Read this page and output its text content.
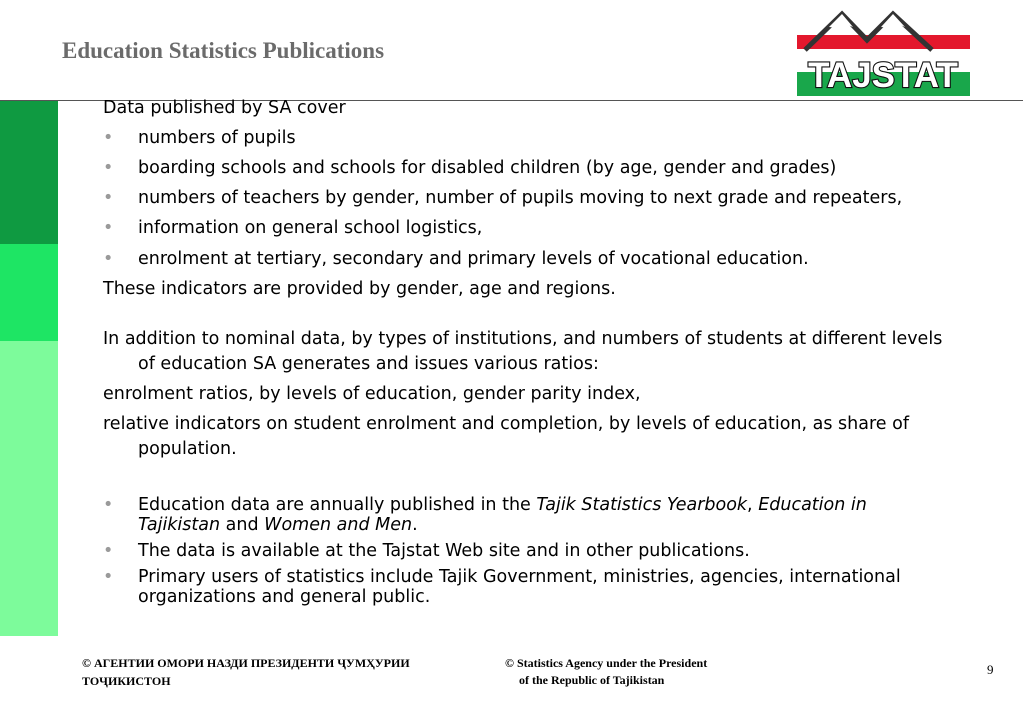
Education Statistics Publications
TAJSTAT
Data published by SA cover
• numbers of pupils
• boarding schools and schools for disabled children (by age, gender and grades)
• numbers of teachers by gender, number of pupils moving to next grade and repeaters,
• information on general school logistics,
• enrolment at tertiary, secondary and primary levels of vocational education.
These indicators are provided by gender, age and regions.
In addition to nominal data, by types of institutions, and numbers of students at different levels
of education SA generates and issues various ratios:
enrolment ratios, by levels of education, gender parity index,
relative indicators on student enrolment and completion, by levels of education, as share of
population.
• Education data are annually published in the Tajik Statistics Yearbook, Education in
Tajikistan and Women and Men.
• The data is available at the Tajstat Web site and in other publications.
• Primary users of statistics include Tajik Government, ministries, agencies, international
organizations and general public.
© АГЕНТИИ ОМОРИ НАЗДИ ПРЕЗИДЕНТИ ҶУМҲУРИИ
ТОҶИКИСТОН
© Statistics Agency under the President
of the Republic of Tajikistan
9
